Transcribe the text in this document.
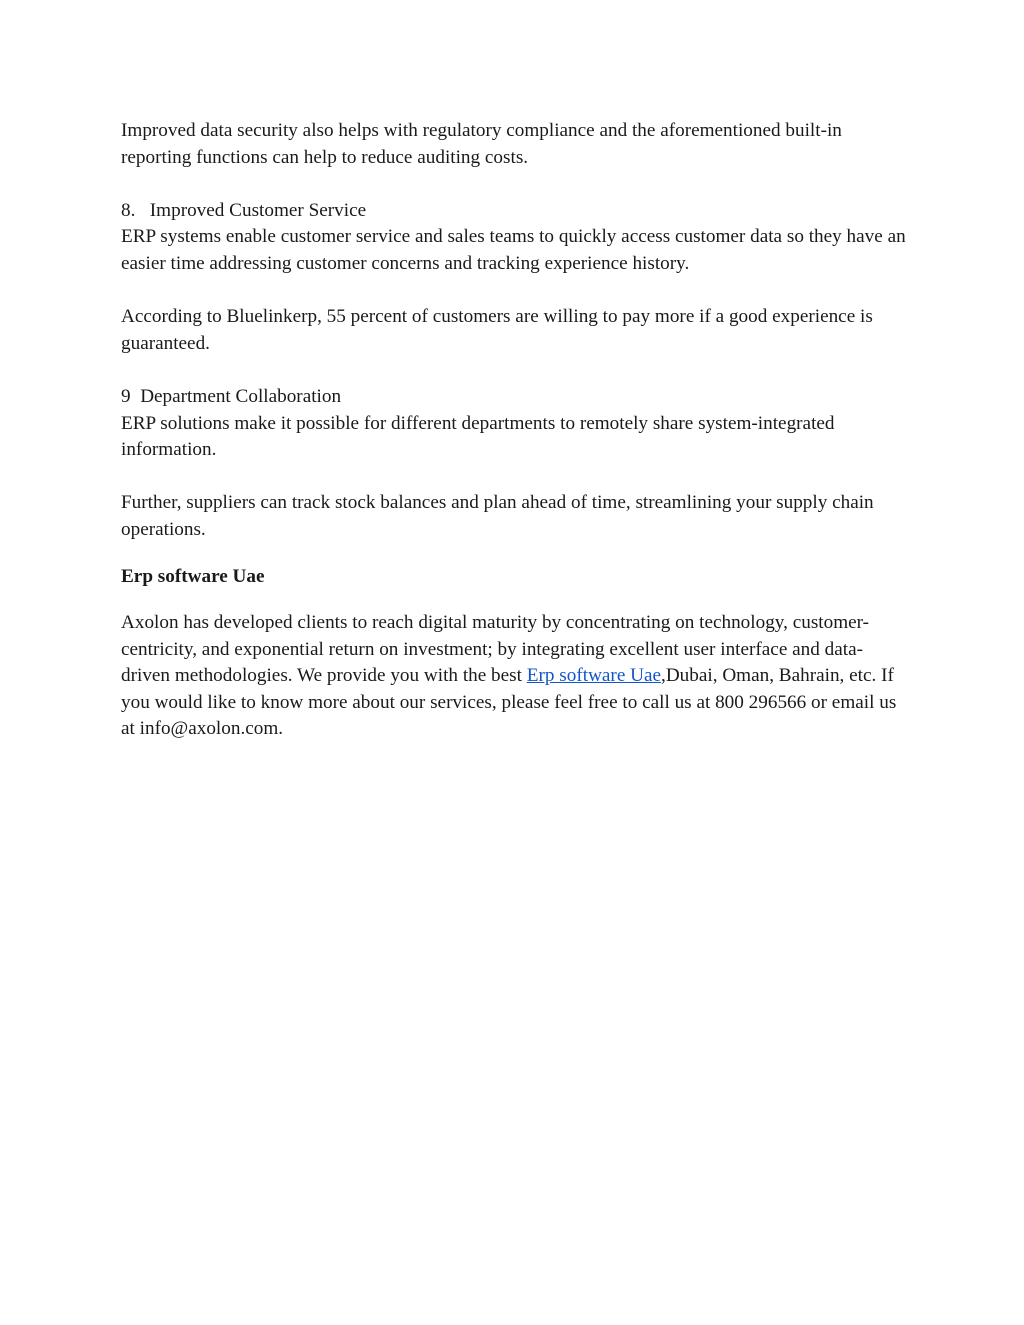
Improved data security also helps with regulatory compliance and the aforementioned built-in reporting functions can help to reduce auditing costs.

8.   Improved Customer Service

ERP systems enable customer service and sales teams to quickly access customer data so they have an easier time addressing customer concerns and tracking experience history.

According to Bluelinkerp, 55 percent of customers are willing to pay more if a good experience is guaranteed.

9  Department Collaboration

ERP solutions make it possible for different departments to remotely share system-integrated information.

Further, suppliers can track stock balances and plan ahead of time, streamlining your supply chain operations.

Erp software Uae

Axolon has developed clients to reach digital maturity by concentrating on technology, customer-centricity, and exponential return on investment; by integrating excellent user interface and data-driven methodologies. We provide you with the best Erp software Uae,Dubai, Oman, Bahrain, etc. If you would like to know more about our services, please feel free to call us at 800 296566 or email us at info@axolon.com.
